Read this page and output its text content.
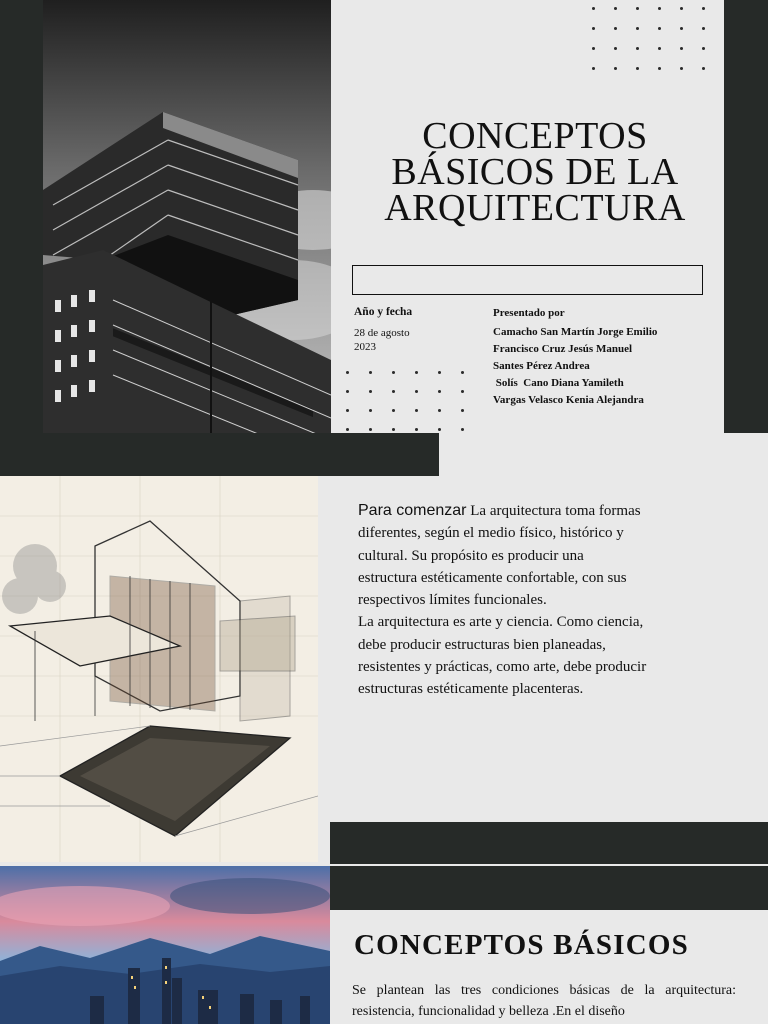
CONCEPTOS
BÁSICOS DE LA
ARQUITECTURA
Año y fecha
28 de agosto
2023
Presentado por
Camacho San Martín Jorge Emilio
Francisco Cruz Jesús Manuel
Santes Pérez Andrea
Solís  Cano Diana Yamileth
Vargas Velasco Kenia Alejandra
Para comenzar La arquitectura toma formas
diferentes, según el medio físico, histórico y
cultural. Su propósito es producir una
estructura estéticamente confortable, con sus
respectivos límites funcionales.
La arquitectura es arte y ciencia. Como ciencia,
debe producir estructuras bien planeadas,
resistentes y prácticas, como arte, debe producir
estructuras estéticamente placenteras.
CONCEPTOS BÁSICOS
Se plantean las tres condiciones básicas de la arquitectura: resistencia, funcionalidad y belleza .En el diseño
